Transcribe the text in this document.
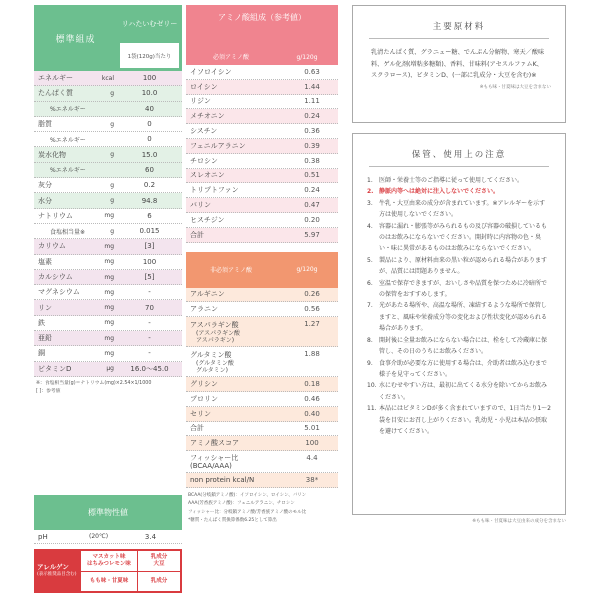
標準組成
リハたいむゼリー
1袋(120g)当たり
エネルギー	kcal	100
たんぱく質	g	10.0
%エネルギー	40
脂質	g	0
%エネルギー	0
炭水化物	g	15.0
%エネルギー	60
灰分	g	0.2
水分	g	94.8
ナトリウム	mg	6
食塩相当量※	g	0.015
カリウム	mg	[3]
塩素	mg	100
カルシウム	mg	[5]
マグネシウム	mg	-
リン	mg	70
鉄	mg	-
亜鉛	mg	-
銅	mg	-
ビタミンD	μg	16.0〜45.0
※：食塩相当量(g)＝ナトリウム(mg)×2.54×1/1000
[ ]：参考値
標準物性値
pH	(20℃)	3.4
アレルゲン
(表示推奨品目含む)
マスカット味
はちみつレモン味
乳成分
大豆
もも味・甘夏味	乳成分
アミノ酸組成（参考値）
必須アミノ酸	g/120g
イソロイシン	0.63
ロイシン	1.44
リジン	1.11
メチオニン	0.24
シスチン	0.36
フェニルアラニン	0.39
チロシン	0.38
スレオニン	0.51
トリプトファン	0.24
バリン	0.47
ヒスチジン	0.20
合計	5.97
非必須アミノ酸	g/120g
アルギニン	0.26
アラニン	0.56
アスパラギン酸
(アスパラギン酸
アスパラギン)
1.27
グルタミン酸
(グルタミン酸
グルタミン)
1.88
グリシン	0.18
プロリン	0.46
セリン	0.40
合計	5.01
アミノ酸スコア	100
フィッシャー比
(BCAA/AAA)
4.4
non protein kcal/N	38*
BCAA(分岐鎖アミノ酸)：イソロイシン、ロイシン、バリン
AAA(芳香族アミノ酸)：フェニルアラニン、チロシン
フィッシャー比：分岐鎖アミノ酸/芳香族アミノ酸のモル比
*糖質・たんぱく質換算係数6.25として算出
主要原材料
乳清たんぱく質、グラニュー糖、でんぷん分解物、寒天／酸味料、ゲル化剤(増粘多糖類)、香料、甘味料(アセスルファムK、スクラロース)、ビタミンD、(一部に乳成分・大豆を含む)※
※もも味・甘夏味は大豆を含まない
保管、使用上の注意
1.	医師・栄養士等のご指導に従って使用してください。
2. 静脈内等へは絶対に注入しないでください。
3.	牛乳・大豆由来の成分が含まれています。※アレルギーを示す方は使用しないでください。
4.	容器に漏れ・膨張等がみられるもの及び容器の破損しているものはお飲みにならないでください。開封時に内容物の色・臭い・味に異常があるものはお飲みにならないでください。
5.	製品により、原材料由来の黒い粒が認められる場合がありますが、品質には問題ありません。
6.	室温で保存できますが、おいしさや品質を保つために冷暗所での保管をおすすめします。
7.	光があたる場所や、高温な場所、凍結するような場所で保管しますと、風味や栄養成分等の変化および性状変化が認められる場合があります。
8.	開封後に全量お飲みにならない場合には、栓をして冷蔵庫に保管し、その日のうちにお飲みください。
9.	食事介助が必要な方に使用する場合は、介助者は飲み込むまで様子を見守ってください。
10. 水にむせやすい方は、最初に出てくる水分を除いてからお飲みください。
11. 本品にはビタミンDが多く含まれていますので、1日当たり1〜2袋を目安にお召し上がりください。乳幼児・小児は本品の摂取を避けてください。
※もも味・甘夏味は大豆由来の成分を含まない
